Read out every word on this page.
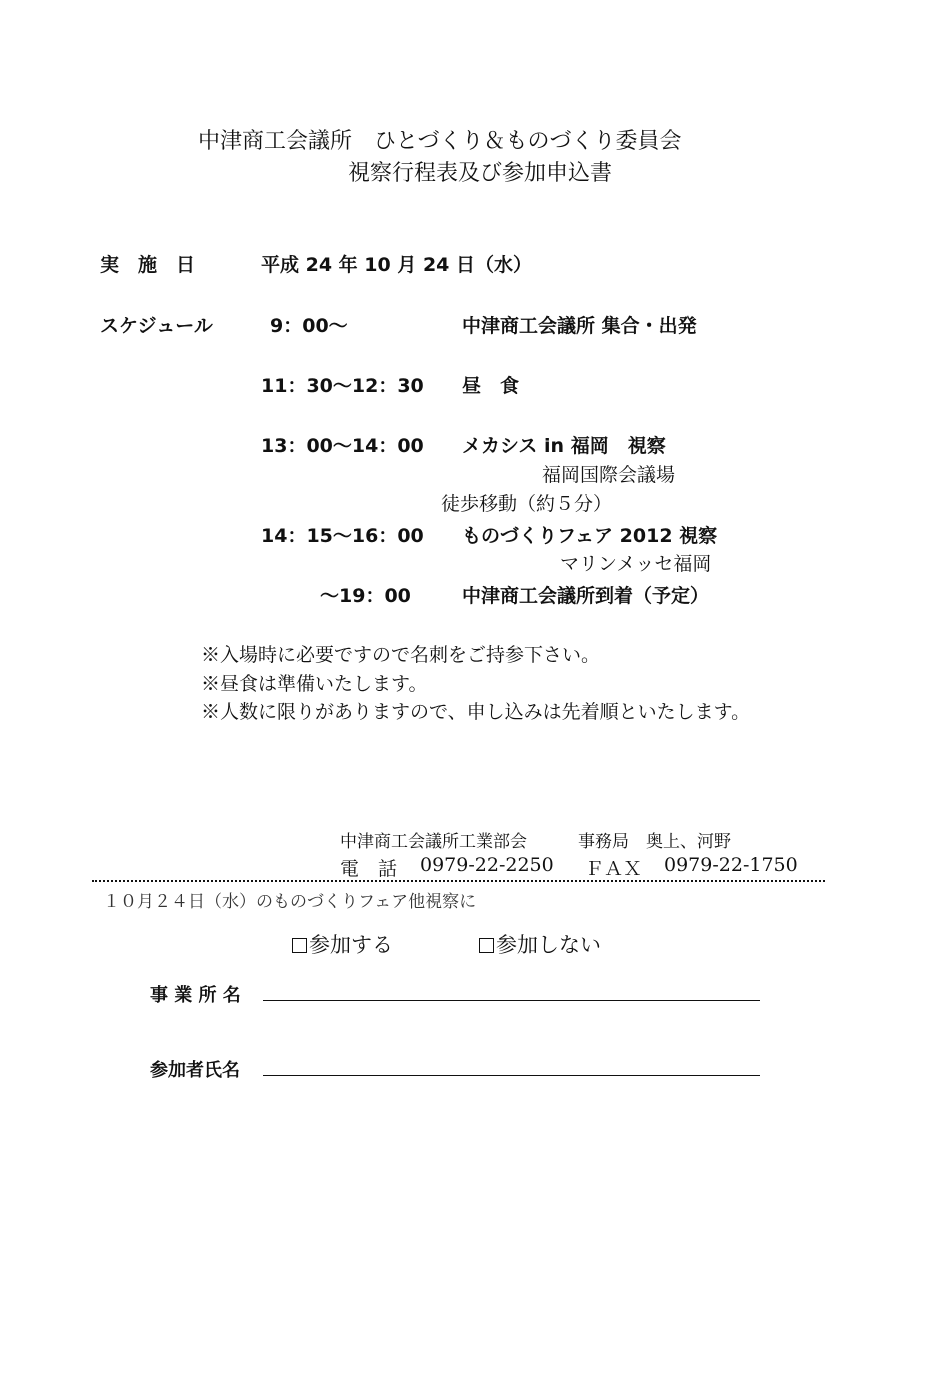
中津商工会議所　ひとづくり＆ものづくり委員会
視察行程表及び参加申込書
実　施　日	平成 24 年 10 月 24 日（水）
スケジュール	9：00～	中津商工会議所 集合・出発
11：30～12：30 昼　食
13：00～14：00 メカシス in 福岡　視察
福岡国際会議場
徒歩移動（約５分）
14：15～16：00 ものづくりフェア 2012 視察
マリンメッセ福岡
～19：00	中津商工会議所到着（予定）
※入場時に必要ですので名刺をご持参下さい。
※昼食は準備いたします。
※人数に限りがありますので、申し込みは先着順といたします。
中津商工会議所工業部会	事務局　奥上、河野
電　話 0979-22-2250 ＦＡＸ 0979-22-1750
１０月２４日（水）のものづくりフェア他視察に
参加する	参加しない
事 業 所 名
参加者氏名
